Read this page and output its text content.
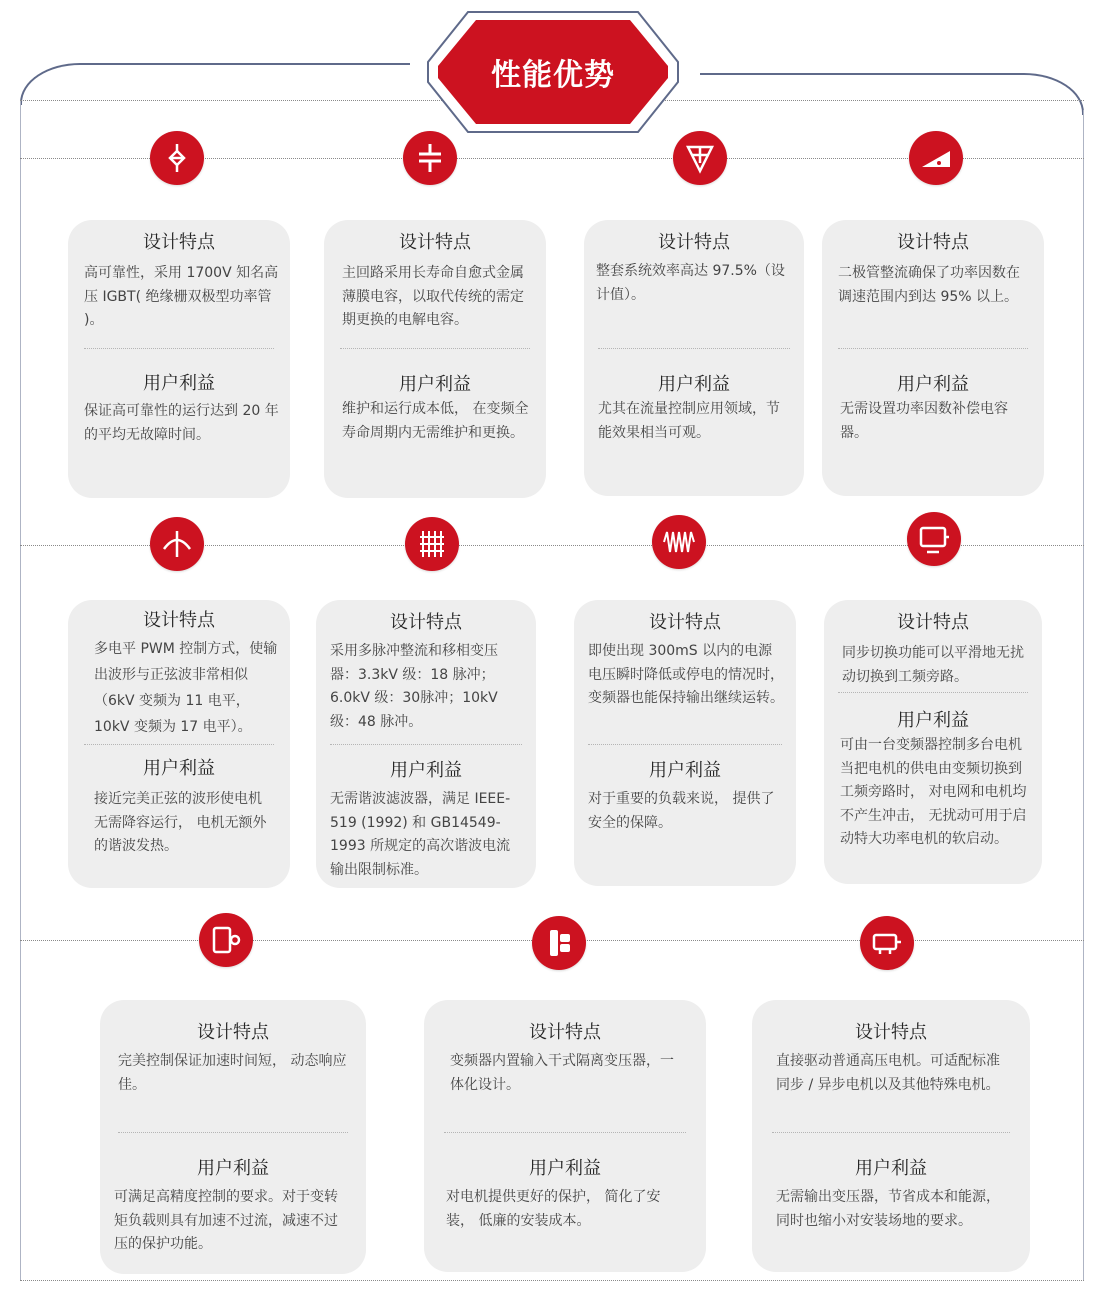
性能优势
设计特点
高可靠性，采用 1700V 知名高压 IGBT( 绝缘栅双极型功率管 )。
用户利益
保证高可靠性的运行达到 20 年的平均无故障时间。
设计特点
主回路采用长寿命自愈式金属薄膜电容，以取代传统的需定期更换的电解电容。
用户利益
维护和运行成本低， 在变频全寿命周期内无需维护和更换。
设计特点
整套系统效率高达 97.5%（设计值）。
用户利益
尤其在流量控制应用领域，节能效果相当可观。
设计特点
二极管整流确保了功率因数在调速范围内到达 95% 以上。
用户利益
无需设置功率因数补偿电容器。
设计特点
多电平 PWM 控制方式，使输出波形与正弦波非常相似（6kV 变频为 11 电平，10kV 变频为 17 电平）。
用户利益
接近完美正弦的波形使电机无需降容运行， 电机无额外的谐波发热。
设计特点
采用多脉冲整流和移相变压器：3.3kV 级：18 脉冲；6.0kV 级：30脉冲；10kV 级：48 脉冲。
用户利益
无需谐波滤波器，满足 IEEE-519 (1992) 和 GB14549-1993 所规定的高次谐波电流输出限制标准。
设计特点
即使出现 300mS 以内的电源电压瞬时降低或停电的情况时， 变频器也能保持输出继续运转。
用户利益
对于重要的负载来说， 提供了安全的保障。
设计特点
同步切换功能可以平滑地无扰动切换到工频旁路。
用户利益
可由一台变频器控制多台电机当把电机的供电由变频切换到工频旁路时， 对电网和电机均不产生冲击， 无扰动可用于启动特大功率电机的软启动。
设计特点
完美控制保证加速时间短， 动态响应佳。
用户利益
可满足高精度控制的要求。对于变转矩负载则具有加速不过流，减速不过压的保护功能。
设计特点
变频器内置输入干式隔离变压器，一体化设计。
用户利益
对电机提供更好的保护， 简化了安装， 低廉的安装成本。
设计特点
直接驱动普通高压电机。可适配标准同步 / 异步电机以及其他特殊电机。
用户利益
无需输出变压器，节省成本和能源，同时也缩小对安装场地的要求。
